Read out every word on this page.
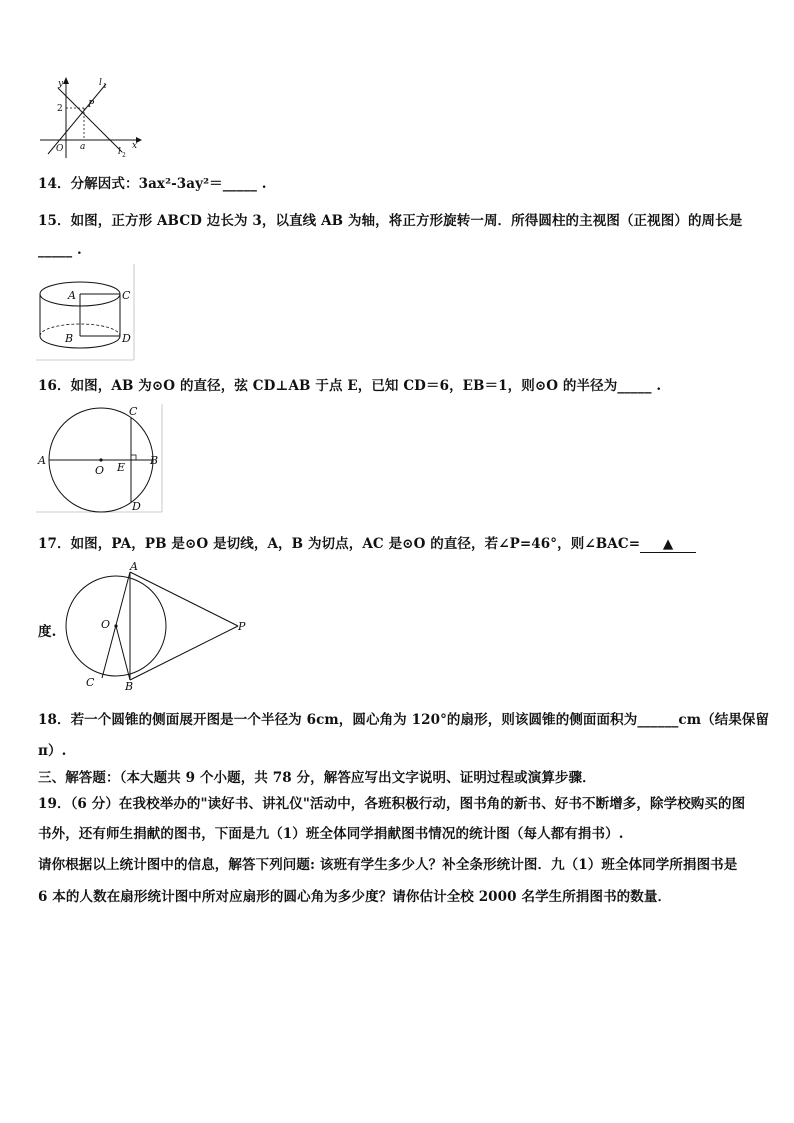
y
2	P
l 1
O a	l 2
x
14．分解因式：3ax²-3ay²＝_____ .
15．如图，正方形 ABCD 边长为 3，以直线 AB 为轴，将正方形旋转一周．所得圆柱的主视图（正视图）的周长是
_____ .
A	C
B	D
16．如图，AB 为⊙O 的直径，弦 CD⊥AB 于点 E，已知 CD＝6，EB＝1，则⊙O 的半径为_____ .
A
C
O E
B
D
17．如图，PA，PB 是⊙O 是切线，A，B 为切点，AC 是⊙O 的直径，若∠P=46°，则∠BAC= ▲
度.
A
O	P
C	B
18．若一个圆锥的侧面展开图是一个半径为 6cm，圆心角为 120°的扇形，则该圆锥的侧面面积为______cm（结果保留
π）.
三、解答题：（本大题共 9 个小题，共 78 分，解答应写出文字说明、证明过程或演算步骤．
19．（6 分）在我校举办的"读好书、讲礼仪"活动中，各班积极行动，图书角的新书、好书不断增多，除学校购买的图
书外，还有师生捐献的图书，下面是九（1）班全体同学捐献图书情况的统计图（每人都有捐书）.
请你根据以上统计图中的信息，解答下列问题: 该班有学生多少人？补全条形统计图．九（1）班全体同学所捐图书是
6 本的人数在扇形统计图中所对应扇形的圆心角为多少度？请你估计全校 2000 名学生所捐图书的数量．
